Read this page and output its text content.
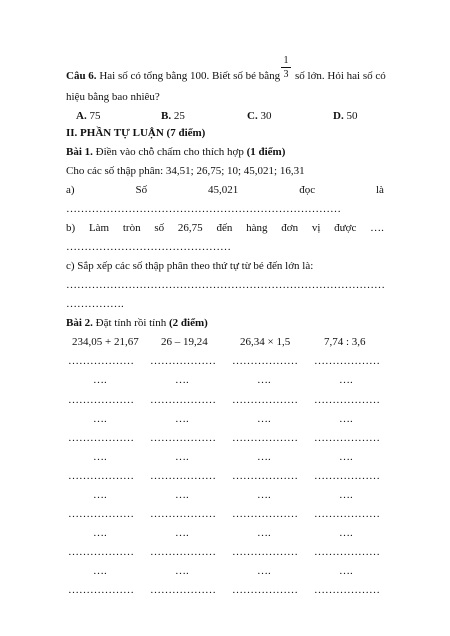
1
3
Câu 6. Hai số có tổng bằng 100. Biết số bé bằng số lớn. Hỏi hai số có
hiệu bằng bao nhiêu?
A. 75	B. 25	C. 30	D. 50
II. PHẦN TỰ LUẬN (7 điểm)
Bài 1. Điền vào chỗ chấm cho thích hợp (1 điểm)
Cho các số thập phân: 34,51; 26,75; 10; 45,021; 16,31
a)	Số	45,021	đọc	là
…………………………………………………………………
b) Làm tròn số 26,75 đến hàng đơn vị được ….
………………………………………
c) Sắp xếp các số thập phân theo thứ tự từ bé đến lớn là:
……………………………………………………………………………
…………….
Bài 2. Đặt tính rồi tính (2 điểm)
234,05 + 21,67 26 – 19,24	26,34 × 1,5	7,74 : 3,6
……………… ……………… ……………… ………………
……………… ……………… ……………… ………………
……………… ……………… ……………… ………………
……………… ……………… ……………… ………………
……………… ……………… ……………… ………………
……………… ……………… ……………… ………………
……………… ……………… ……………… ………………
….	….	….	….
….	….	….	….
….	….	….	….
….	….	….	….
….	….	….	….
….	….	….	….
